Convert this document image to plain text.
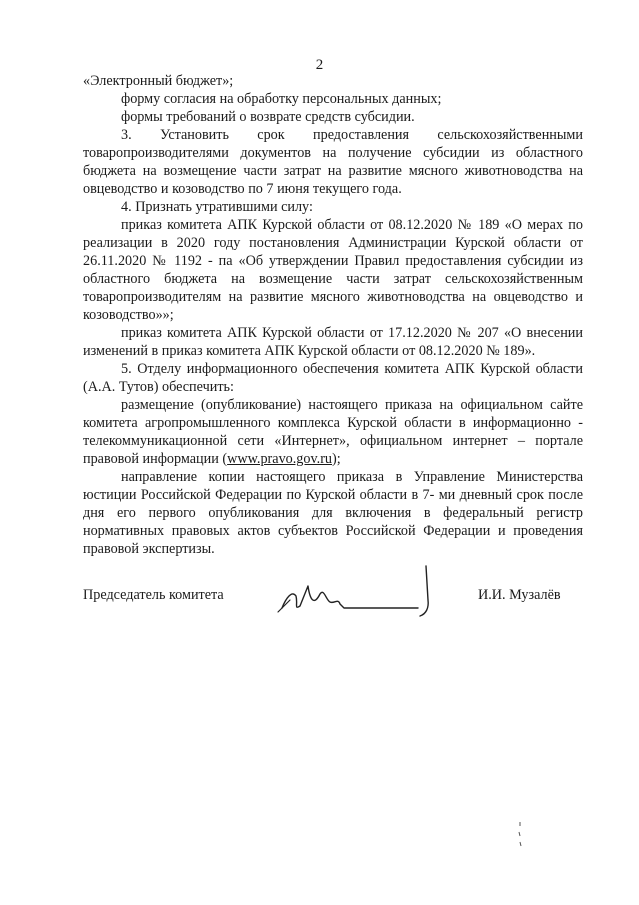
2

«Электронный бюджет»;

форму согласия на обработку персональных данных;

формы требований о возврате средств субсидии.

3. Установить срок предоставления сельскохозяйственными товаропроизводителями документов на получение субсидии из областного бюджета на возмещение части затрат на развитие мясного животноводства на овцеводство и козоводство по 7 июня текущего года.

4. Признать утратившими силу:

приказ комитета АПК Курской области от 08.12.2020 № 189 «О мерах по реализации в 2020 году постановления Администрации Курской области от 26.11.2020 № 1192 - па «Об утверждении Правил предоставления субсидии из областного бюджета на возмещение части затрат сельскохозяйственным товаропроизводителям на развитие мясного животноводства на овцеводство и козоводство»»;

приказ комитета АПК Курской области от 17.12.2020 № 207 «О внесении изменений в приказ комитета АПК Курской области от 08.12.2020 № 189».

5. Отделу информационного обеспечения комитета АПК Курской области (А.А. Тутов) обеспечить:

размещение (опубликование) настоящего приказа на официальном сайте комитета агропромышленного комплекса Курской области в информационно - телекоммуникационной сети «Интернет», официальном интернет – портале правовой информации (www.pravo.gov.ru);

направление копии настоящего приказа в Управление Министерства юстиции Российской Федерации по Курской области в 7- ми дневный срок после дня его первого опубликования для включения в федеральный регистр нормативных правовых актов субъектов Российской Федерации и проведения правовой экспертизы.

Председатель комитета	И.И. Музалёв
